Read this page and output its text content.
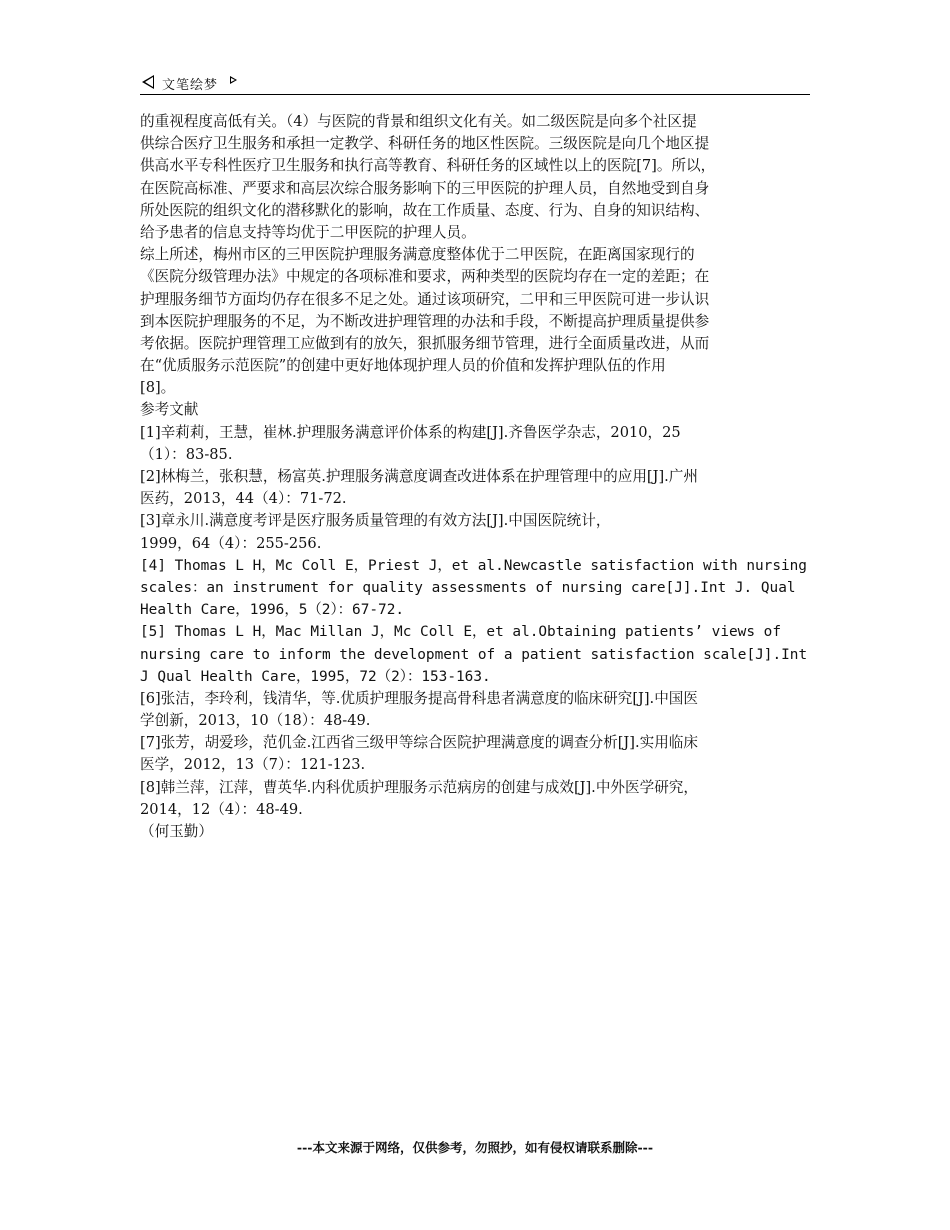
文笔绘梦
的重视程度高低有关。（4）与医院的背景和组织文化有关。如二级医院是向多个社区提
供综合医疗卫生服务和承担一定教学、科研任务的地区性医院。三级医院是向几个地区提
供高水平专科性医疗卫生服务和执行高等教育、科研任务的区域性以上的医院[7]。所以，
在医院高标准、严要求和高层次综合服务影响下的三甲医院的护理人员，自然地受到自身
所处医院的组织文化的潜移默化的影响，故在工作质量、态度、行为、自身的知识结构、
给予患者的信息支持等均优于二甲医院的护理人员。
综上所述，梅州市区的三甲医院护理服务满意度整体优于二甲医院，在距离国家现行的
《医院分级管理办法》中规定的各项标准和要求，两种类型的医院均存在一定的差距；在
护理服务细节方面均仍存在很多不足之处。通过该项研究，二甲和三甲医院可进一步认识
到本医院护理服务的不足，为不断改进护理管理的办法和手段，不断提高护理质量提供参
考依据。医院护理管理工应做到有的放矢，狠抓服务细节管理，进行全面质量改进，从而
在“优质服务示范医院”的创建中更好地体现护理人员的价值和发挥护理队伍的作用
[8]。
参考文献
[1]辛莉莉，王慧，崔林.护理服务满意评价体系的构建[J].齐鲁医学杂志，2010，25
（1）：83-85.
[2]林梅兰，张积慧，杨富英.护理服务满意度调查改进体系在护理管理中的应用[J].广州
医药，2013，44（4）：71-72.
[3]章永川.满意度考评是医疗服务质量管理的有效方法[J].中国医院统计，
1999，64（4）：255-256.
[4] Thomas L H，Mc Coll E，Priest J，et al.Newcastle satisfaction with nursing
scales：an instrument for quality assessments of nursing care[J].Int J. Qual
Health Care，1996，5（2）：67-72.
[5] Thomas L H，Mac Millan J，Mc Coll E，et al.Obtaining patients’ views of
nursing care to inform the development of a patient satisfaction scale[J].Int
J Qual Health Care，1995，72（2）：153-163.
[6]张洁，李玲利，钱清华，等.优质护理服务提高骨科患者满意度的临床研究[J].中国医
学创新，2013，10（18）：48-49.
[7]张芳，胡爱珍，范仉金.江西省三级甲等综合医院护理满意度的调查分析[J].实用临床
医学，2012，13（7）：121-123.
[8]韩兰萍，江萍，曹英华.内科优质护理服务示范病房的创建与成效[J].中外医学研究，
2014，12（4）：48-49.
（何玉勤）
---本文来源于网络，仅供参考，勿照抄，如有侵权请联系删除---
